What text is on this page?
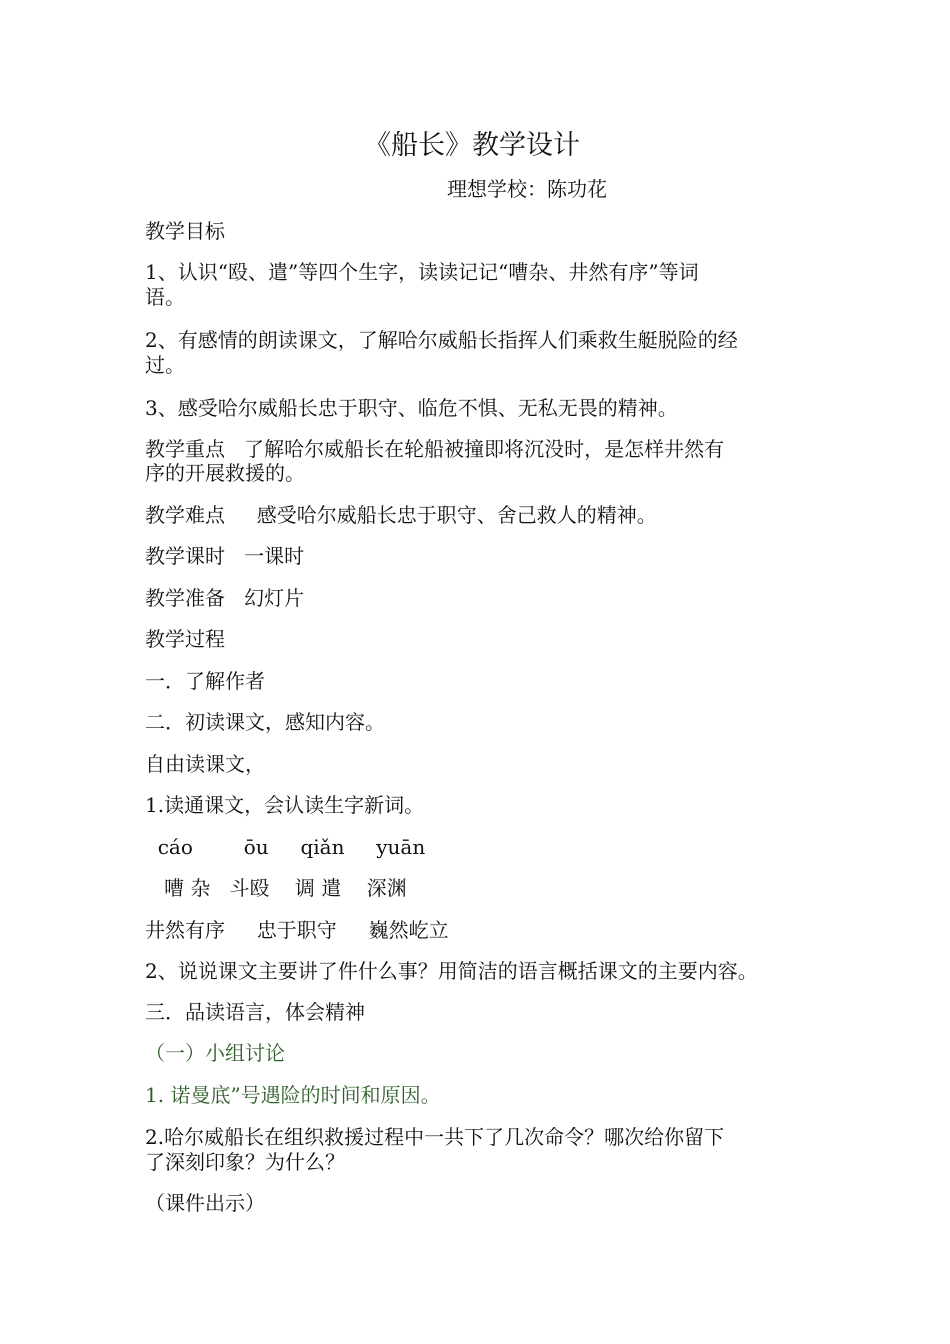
《船长》教学设计
理想学校：陈功花
教学目标
1、认识“殴、遣”等四个生字，读读记记“嘈杂、井然有序”等词
语。
2、有感情的朗读课文，了解哈尔威船长指挥人们乘救生艇脱险的经
过。
3、感受哈尔威船长忠于职守、临危不惧、无私无畏的精神。
教学重点   了解哈尔威船长在轮船被撞即将沉没时，是怎样井然有
序的开展救援的。
教学难点     感受哈尔威船长忠于职守、舍己救人的精神。
教学课时   一课时
教学准备   幻灯片
教学过程
一．了解作者
二．初读课文，感知内容。
自由读课文，
1.读通课文，会认读生字新词。
cáo        ōu     qiǎn     yuān
嘈 杂   斗殴    调 遣    深渊
井然有序     忠于职守     巍然屹立
2、说说课文主要讲了件什么事？用简洁的语言概括课文的主要内容。
三．品读语言，体会精神
（一）小组讨论
1. 诺曼底”号遇险的时间和原因。
2.哈尔威船长在组织救援过程中一共下了几次命令？哪次给你留下
了深刻印象？为什么？
（课件出示）
